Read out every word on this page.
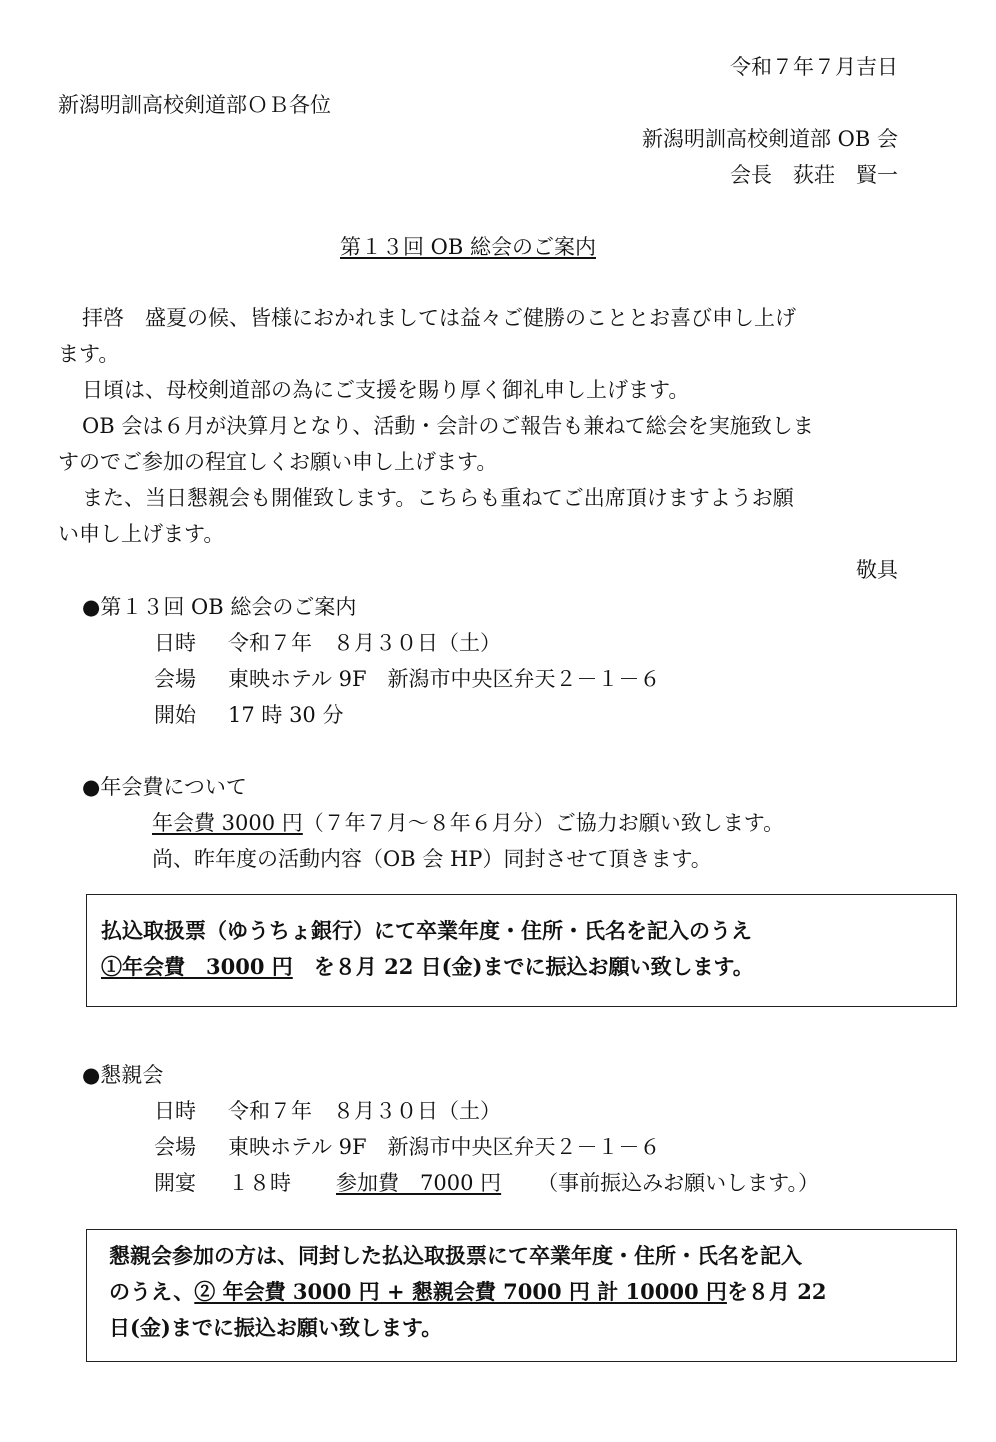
令和７年７月吉日
新潟明訓高校剣道部ＯＢ各位
新潟明訓高校剣道部 OB 会
会長　荻荘　賢一
第１３回 OB 総会のご案内
拝啓　盛夏の候、皆様におかれましては益々ご健勝のこととお喜び申し上げ
ます。
日頃は、母校剣道部の為にご支援を賜り厚く御礼申し上げます。
OB 会は６月が決算月となり、活動・会計のご報告も兼ねて総会を実施致しま
すのでご参加の程宜しくお願い申し上げます。
また、当日懇親会も開催致します。こちらも重ねてご出席頂けますようお願
い申し上げます。
敬具
●第１３回 OB 総会のご案内
日時 令和７年　８月３０日（土）
会場 東映ホテル 9F　新潟市中央区弁天２－１－６
開始 17 時 30 分
●年会費について
年会費 3000 円（７年７月～８年６月分）ご協力お願い致します。
尚、昨年度の活動内容（OB 会 HP）同封させて頂きます。
払込取扱票（ゆうちょ銀行）にて卒業年度・住所・氏名を記入のうえ
①年会費　3000 円　を８月 22 日(金)までに振込お願い致します。
●懇親会
日時 令和７年　８月３０日（土）
会場 東映ホテル 9F　新潟市中央区弁天２－１－６
開宴 １８時 参加費　7000 円 （事前振込みお願いします。）
懇親会参加の方は、同封した払込取扱票にて卒業年度・住所・氏名を記入
のうえ、② 年会費 3000 円 + 懇親会費 7000 円 計 10000 円を８月 22
日(金)までに振込お願い致します。
